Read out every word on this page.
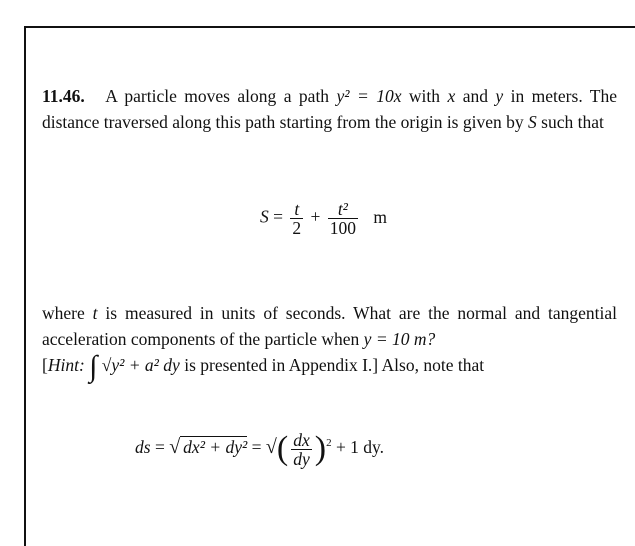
11.46. A particle moves along a path y² = 10x with x and y in meters. The distance traversed along this path starting from the origin is given by S such that

$S = \frac{t}{2} + \frac{\text{t²}}{100}$ m

where t is measured in units of seconds. What are the normal and tangential acceleration components of the particle when y = 10 m?
[Hint: ∫ √y² + a² dy is presented in Appendix I.] Also, note that

ds = √ dx² + dy² = √( $\frac{dx}{dy} )^2 + 1$ dy.
